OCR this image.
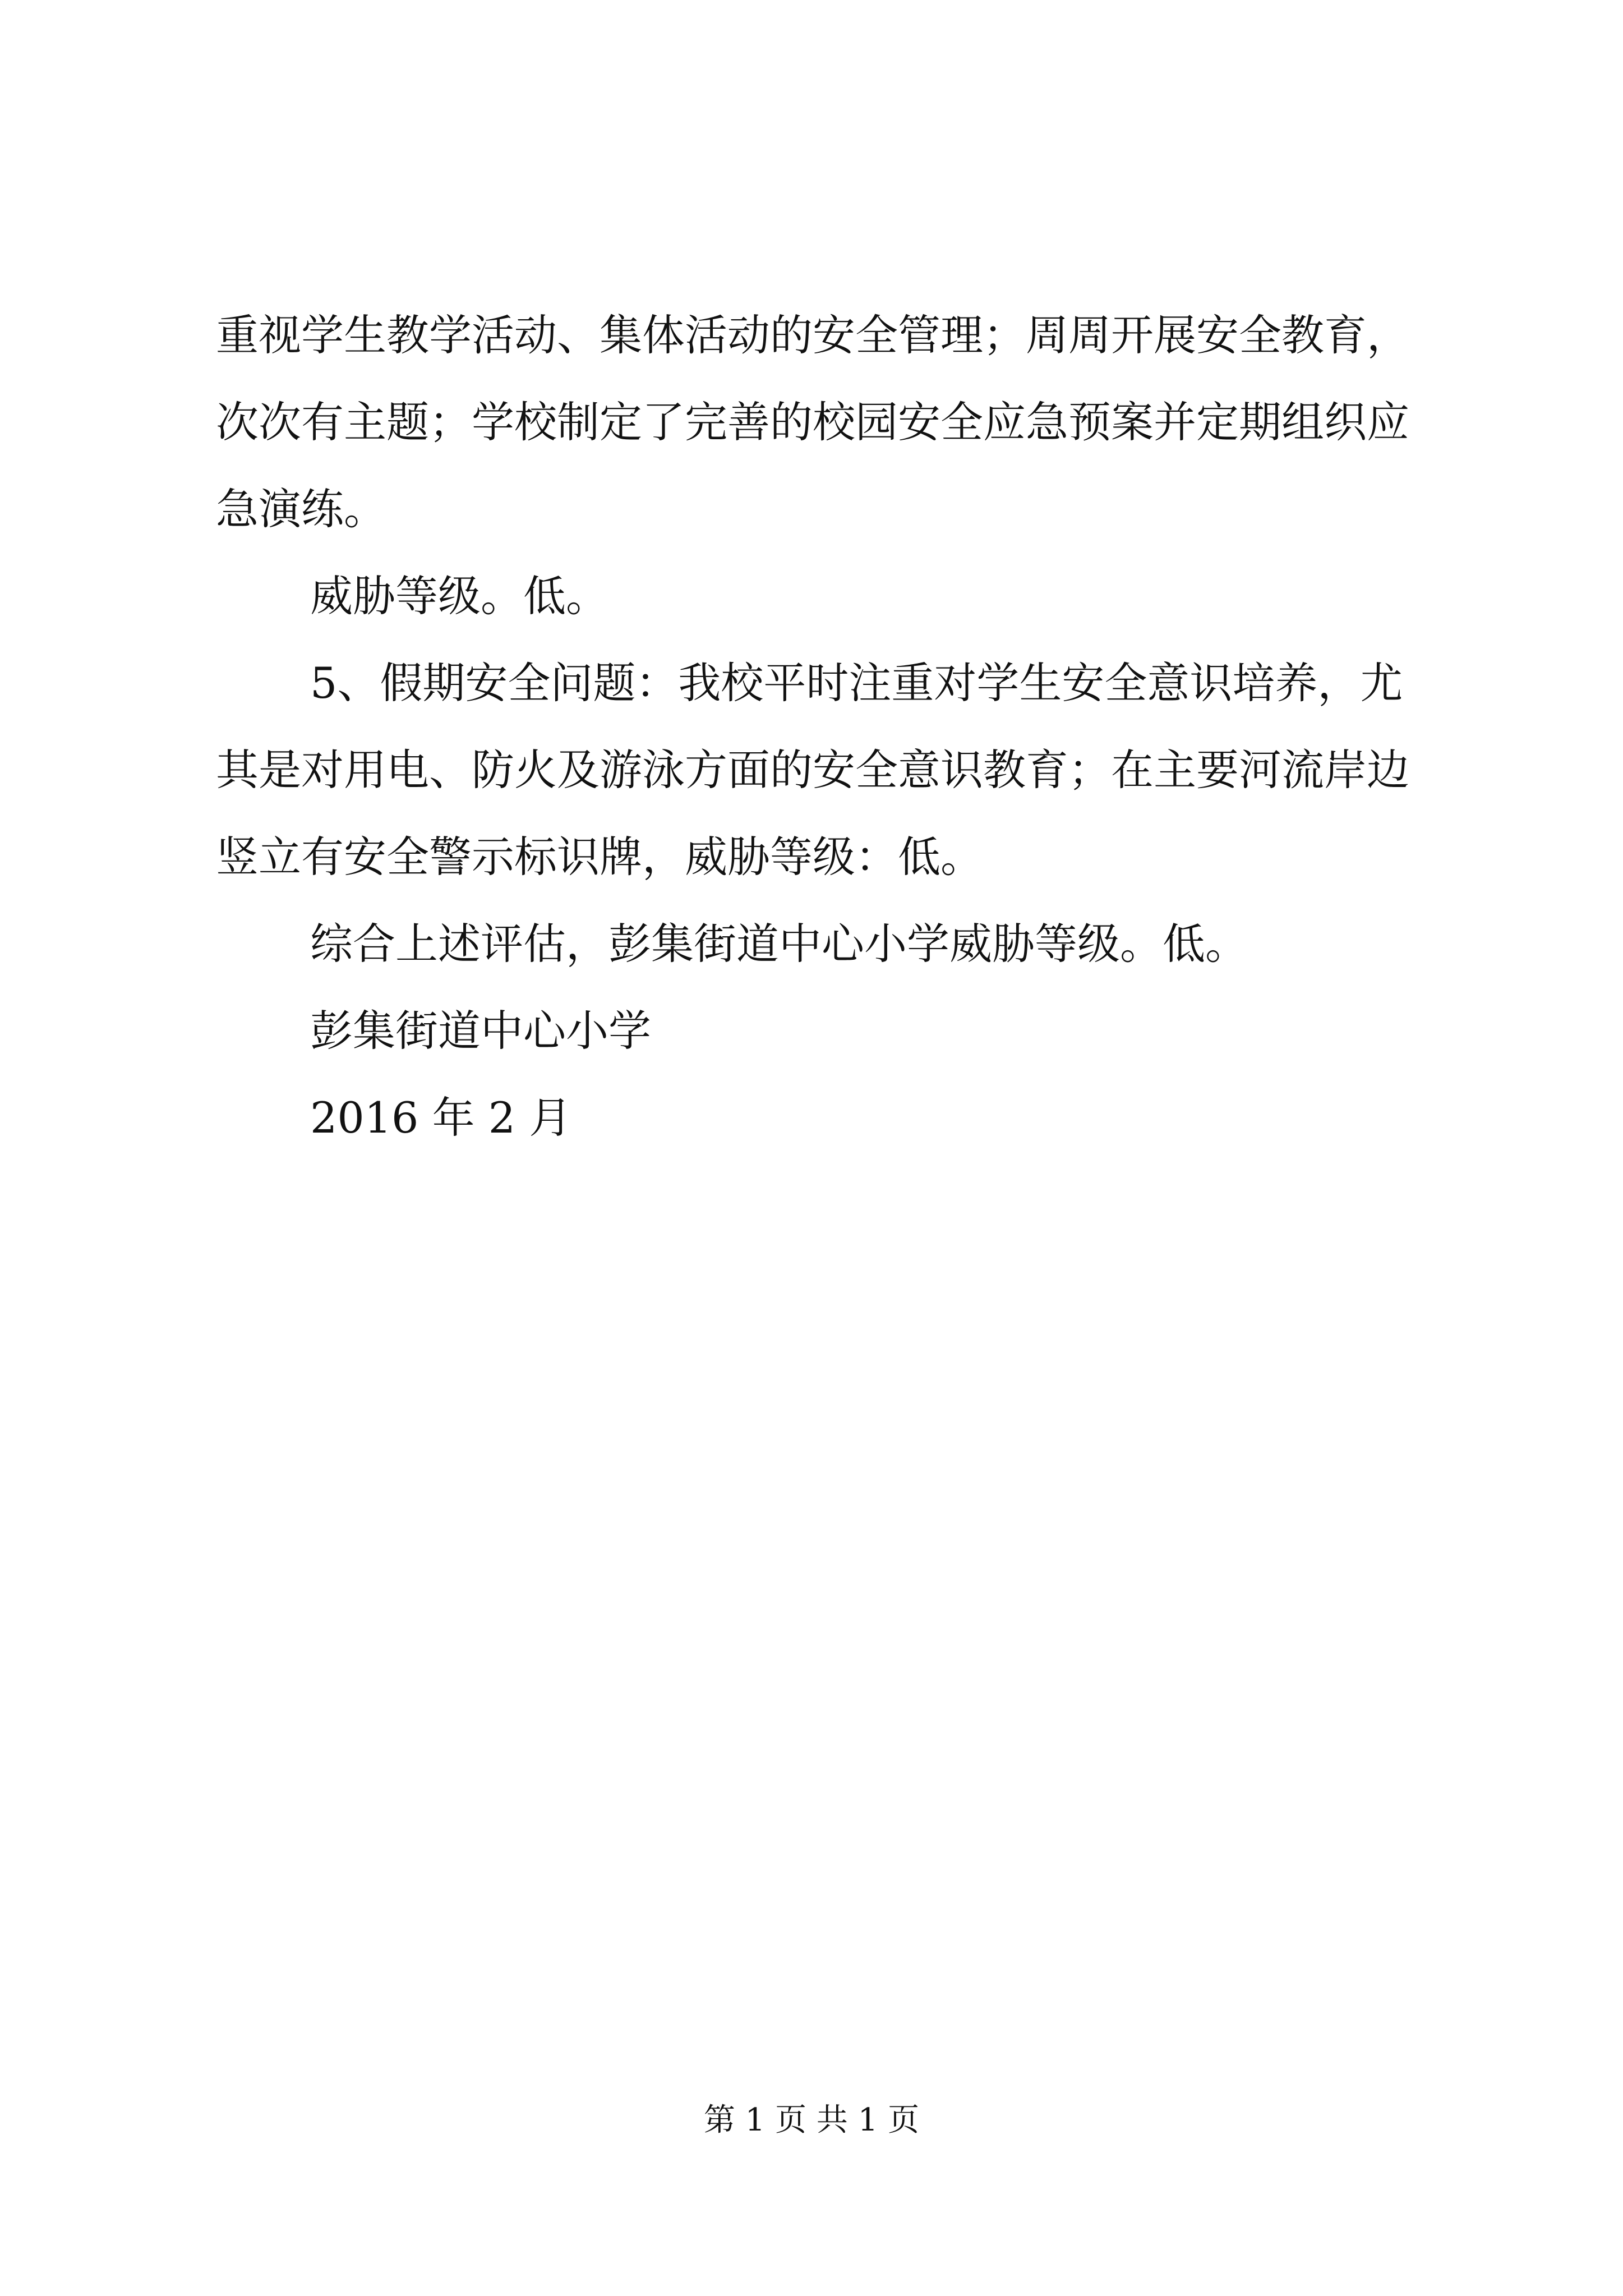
重视学生教学活动、集体活动的安全管理；周周开展安全教育，

次次有主题；学校制定了完善的校园安全应急预案并定期组织应

急演练。

威胁等级。低。

5、假期安全问题：我校平时注重对学生安全意识培养，尤

其是对用电、防火及游泳方面的安全意识教育；在主要河流岸边

竖立有安全警示标识牌，威胁等级：低。

综合上述评估，彭集街道中心小学威胁等级。低。

彭集街道中心小学

2016 年 2 月

第 1 页 共 1 页
